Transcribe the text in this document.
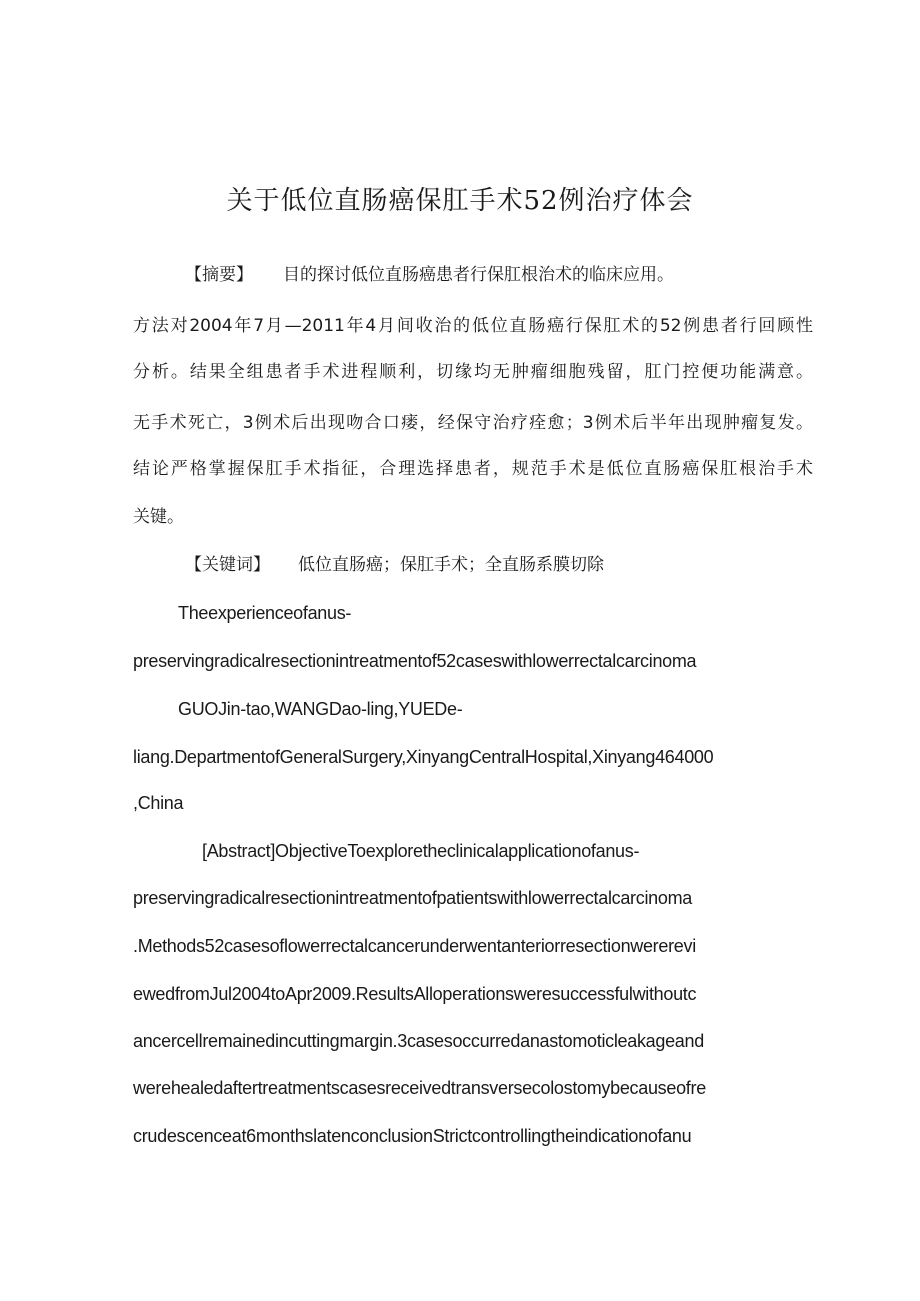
关于低位直肠癌保肛手术52例治疗体会
【摘要】 目的探讨低位直肠癌患者行保肛根治术的临床应用。
方法对2004年7月—2011年4月间收治的低位直肠癌行保肛术的52例患者行回顾性
分析。结果全组患者手术进程顺利，切缘均无肿瘤细胞残留，肛门控便功能满意。
无手术死亡，3例术后出现吻合口瘘，经保守治疗痊愈；3例术后半年出现肿瘤复发。
结论严格掌握保肛手术指征，合理选择患者，规范手术是低位直肠癌保肛根治手术
关键。
【关键词】 低位直肠癌；保肛手术；全直肠系膜切除
Theexperienceofanus-
preservingradicalresectionintreatmentof52caseswithlowerrectalcarcinoma
GUOJin-tao,WANGDao-ling,YUEDe-
liang.DepartmentofGeneralSurgery,XinyangCentralHospital,Xinyang464000
,China
[Abstract]ObjectiveToexploretheclinicalapplicationofanus-
preservingradicalresectionintreatmentofpatientswithlowerrectalcarcinoma
.Methods52casesoflowerrectalcancerunderwentanteriorresectionwererevi
ewedfromJul2004toApr2009.ResultsAlloperationsweresuccessfulwithoutc
ancercellremainedincuttingmargin.3casesoccurredanastomoticleakageand
werehealedaftertreatmentscasesreceivedtransversecolostomybecauseofre
crudescenceat6monthslatenconclusionStrictcontrollingtheindicationofanu
